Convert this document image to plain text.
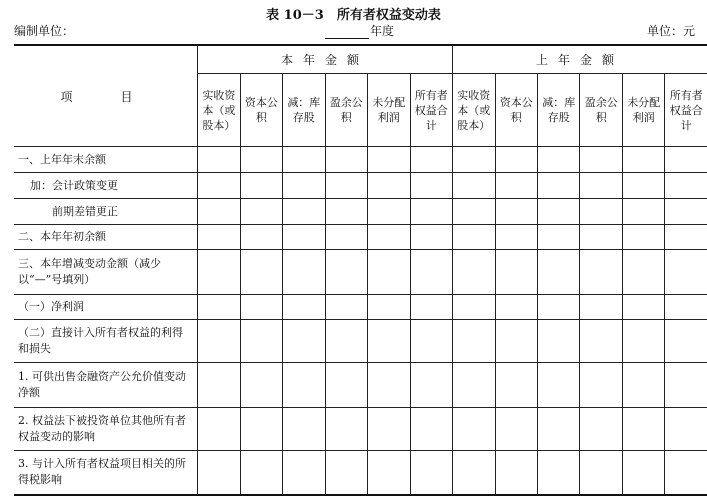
表 10－3　所有者权益变动表
编制单位：	年度	单位：元
项　目	本年金额						上年金额					
	实收资本（或股本）	资本公积	减：库存股	盈余公积	未分配利润	所有者权益合计	实收资本（或股本）	资本公积	减：库存股	盈余公积	未分配利润	所有者权益合计
一、上年年末余额												
加：会计政策变更												
前期差错更正												
二、本年年初余额												
三、本年增减变动金额（减少以“—”号填列）												
（一）净利润												
（二）直接计入所有者权益的利得和损失												
1. 可供出售金融资产公允价值变动净额												
2. 权益法下被投资单位其他所有者权益变动的影响												
3. 与计入所有者权益项目相关的所得税影响												
